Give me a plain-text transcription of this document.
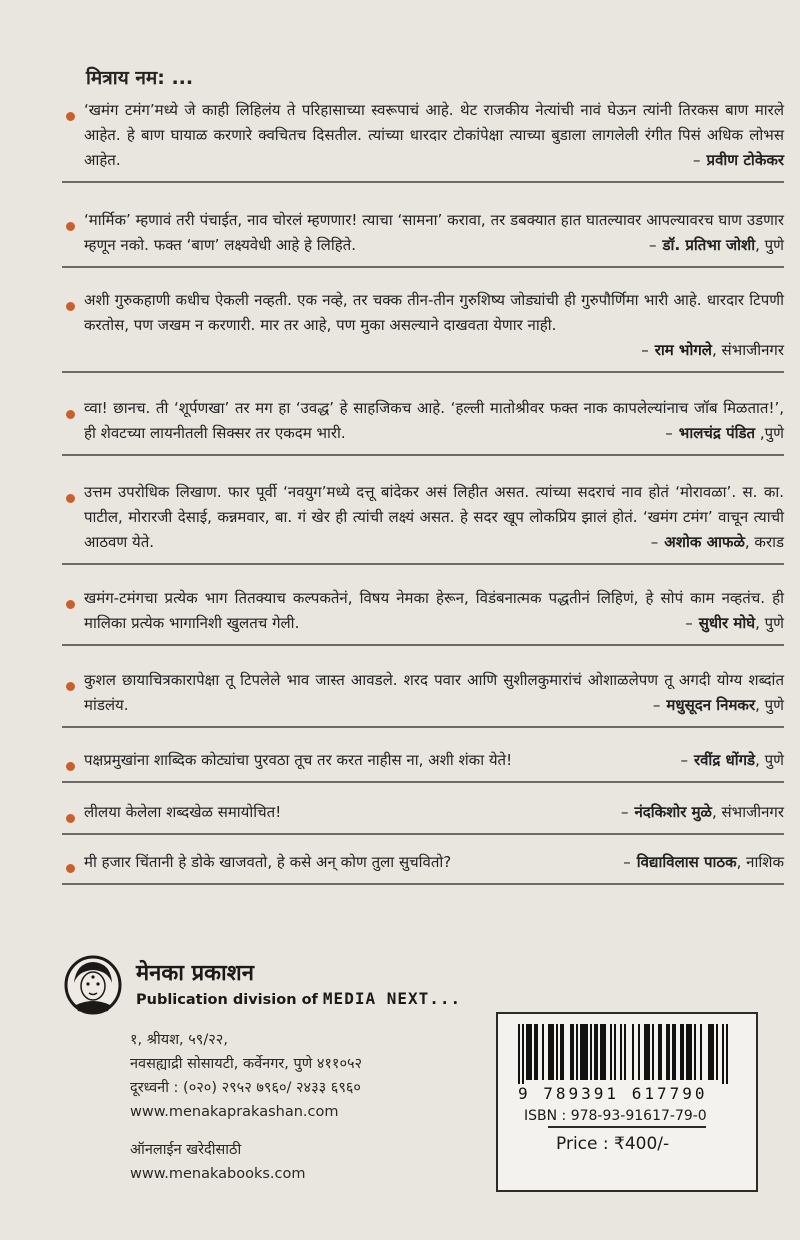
मित्राय नम: ...

‘खमंग टमंग’मध्ये जे काही लिहिलंय ते परिहासाच्या स्वरूपाचं आहे. थेट राजकीय नेत्यांची नावं घेऊन त्यांनी तिरकस बाण मारले आहेत. हे बाण घायाळ करणारे क्वचितच दिसतील. त्यांच्या धारदार टोकांपेक्षा त्याच्या बुडाला लागलेली रंगीत पिसं अधिक लोभस आहेत.	– प्रवीण टोकेकर

‘मार्मिक’ म्हणावं तरी पंचाईत, नाव चोरलं म्हणणार! त्याचा ‘सामना’ करावा, तर डबक्यात हात घातल्यावर आपल्यावरच घाण उडणार म्हणून नको. फक्त ‘बाण’ लक्ष्यवेधी आहे हे लिहिते.	– डॉ. प्रतिभा जोशी, पुणे

अशी गुरुकहाणी कधीच ऐकली नव्हती. एक नव्हे, तर चक्क तीन-तीन गुरुशिष्य जोड्यांची ही गुरुपौर्णिमा भारी आहे. धारदार टिपणी करतोस, पण जखम न करणारी. मार तर आहे, पण मुका असल्याने दाखवता येणार नाही.

– राम भोगले, संभाजीनगर

व्वा! छानच. ती ‘शूर्पणखा’ तर मग हा ‘उवद्ध’ हे साहजिकच आहे. ‘हल्ली मातोश्रीवर फक्त नाक कापलेल्यांनाच जॉब मिळतात!’, ही शेवटच्या लायनीतली सिक्सर तर एकदम भारी.	– भालचंद्र पंडित ,पुणे

उत्तम उपरोधिक लिखाण. फार पूर्वी ‘नवयुग’मध्ये दत्तू बांदेकर असं लिहीत असत. त्यांच्या सदराचं नाव होतं ‘मोरावळा’. स. का. पाटील, मोरारजी देसाई, कन्नमवार, बा. गं खेर ही त्यांची लक्ष्यं असत. हे सदर खूप लोकप्रिय झालं होतं. ‘खमंग टमंग’ वाचून त्याची आठवण येते.	– अशोक आफळे, कराड

खमंग-टमंगचा प्रत्येक भाग तितक्याच कल्पकतेनं, विषय नेमका हेरून, विडंबनात्मक पद्धतीनं लिहिणं, हे सोपं काम नव्हतंच. ही मालिका प्रत्येक भागानिशी खुलतच गेली.	– सुधीर मोघे, पुणे

कुशल छायाचित्रकारापेक्षा तू टिपलेले भाव जास्त आवडले. शरद पवार आणि सुशीलकुमारांचं ओशाळलेपण तू अगदी योग्य शब्दांत मांडलंय.	– मधुसूदन निमकर, पुणे

पक्षप्रमुखांना शाब्दिक कोट्यांचा पुरवठा तूच तर करत नाहीस ना, अशी शंका येते!	– रवींद्र धोंगडे, पुणे

लीलया केलेला शब्दखेळ समायोचित!	– नंदकिशोर मुळे, संभाजीनगर

मी हजार चिंतानी हे डोके खाजवतो, हे कसे अन् कोण तुला सुचवितो?	– विद्याविलास पाठक, नाशिक

मेनका प्रकाशन
Publication division of MEDIA NEXT...
१, श्रीयश, ५९/२२,
नवसह्याद्री सोसायटी, कर्वेनगर, पुणे ४११०५२
दूरध्वनी : (०२०) २९५२ ७९६०/ २४३३ ६९६०
www.menakaprakashan.com
ऑनलाईन खरेदीसाठी
www.menakabooks.com
9 789391 617790
ISBN : 978-93-91617-79-0
Price : ₹400/-
